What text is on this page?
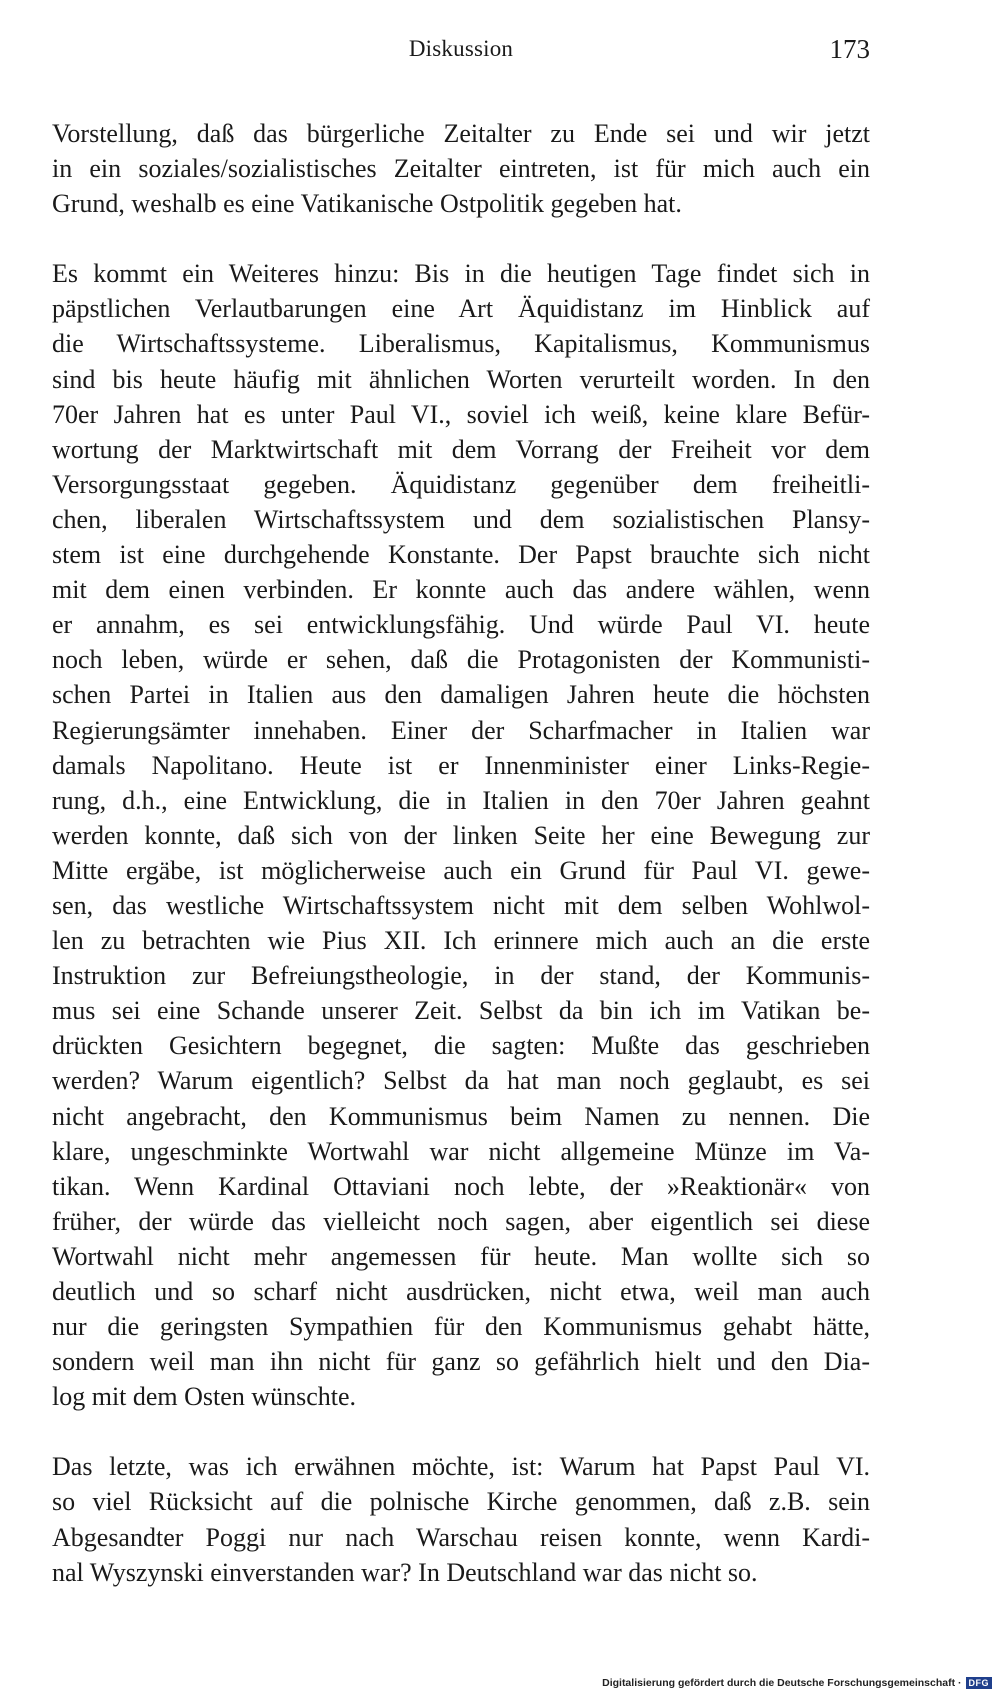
Diskussion	173

Vorstellung, daß das bürgerliche Zeitalter zu Ende sei und wir jetzt
in ein soziales/sozialistisches Zeitalter eintreten, ist für mich auch ein
Grund, weshalb es eine Vatikanische Ostpolitik gegeben hat.

Es kommt ein Weiteres hinzu: Bis in die heutigen Tage findet sich in
päpstlichen Verlautbarungen eine Art Äquidistanz im Hinblick auf
die Wirtschaftssysteme. Liberalismus, Kapitalismus, Kommunismus
sind bis heute häufig mit ähnlichen Worten verurteilt worden. In den
70er Jahren hat es unter Paul VI., soviel ich weiß, keine klare Befür-
wortung der Marktwirtschaft mit dem Vorrang der Freiheit vor dem
Versorgungsstaat gegeben. Äquidistanz gegenüber dem freiheitli-
chen, liberalen Wirtschaftssystem und dem sozialistischen Plansy-
stem ist eine durchgehende Konstante. Der Papst brauchte sich nicht
mit dem einen verbinden. Er konnte auch das andere wählen, wenn
er annahm, es sei entwicklungsfähig. Und würde Paul VI. heute
noch leben, würde er sehen, daß die Protagonisten der Kommunisti-
schen Partei in Italien aus den damaligen Jahren heute die höchsten
Regierungsämter innehaben. Einer der Scharfmacher in Italien war
damals Napolitano. Heute ist er Innenminister einer Links-Regie-
rung, d.h., eine Entwicklung, die in Italien in den 70er Jahren geahnt
werden konnte, daß sich von der linken Seite her eine Bewegung zur
Mitte ergäbe, ist möglicherweise auch ein Grund für Paul VI. gewe-
sen, das westliche Wirtschaftssystem nicht mit dem selben Wohlwol-
len zu betrachten wie Pius XII. Ich erinnere mich auch an die erste
Instruktion zur Befreiungstheologie, in der stand, der Kommunis-
mus sei eine Schande unserer Zeit. Selbst da bin ich im Vatikan be-
drückten Gesichtern begegnet, die sagten: Mußte das geschrieben
werden? Warum eigentlich? Selbst da hat man noch geglaubt, es sei
nicht angebracht, den Kommunismus beim Namen zu nennen. Die
klare, ungeschminkte Wortwahl war nicht allgemeine Münze im Va-
tikan. Wenn Kardinal Ottaviani noch lebte, der »Reaktionär« von
früher, der würde das vielleicht noch sagen, aber eigentlich sei diese
Wortwahl nicht mehr angemessen für heute. Man wollte sich so
deutlich und so scharf nicht ausdrücken, nicht etwa, weil man auch
nur die geringsten Sympathien für den Kommunismus gehabt hätte,
sondern weil man ihn nicht für ganz so gefährlich hielt und den Dia-
log mit dem Osten wünschte.

Das letzte, was ich erwähnen möchte, ist: Warum hat Papst Paul VI.
so viel Rücksicht auf die polnische Kirche genommen, daß z.B. sein
Abgesandter Poggi nur nach Warschau reisen konnte, wenn Kardi-
nal Wyszynski einverstanden war? In Deutschland war das nicht so.

Digitalisierung gefördert durch die Deutsche Forschungsgemeinschaft · DFG
